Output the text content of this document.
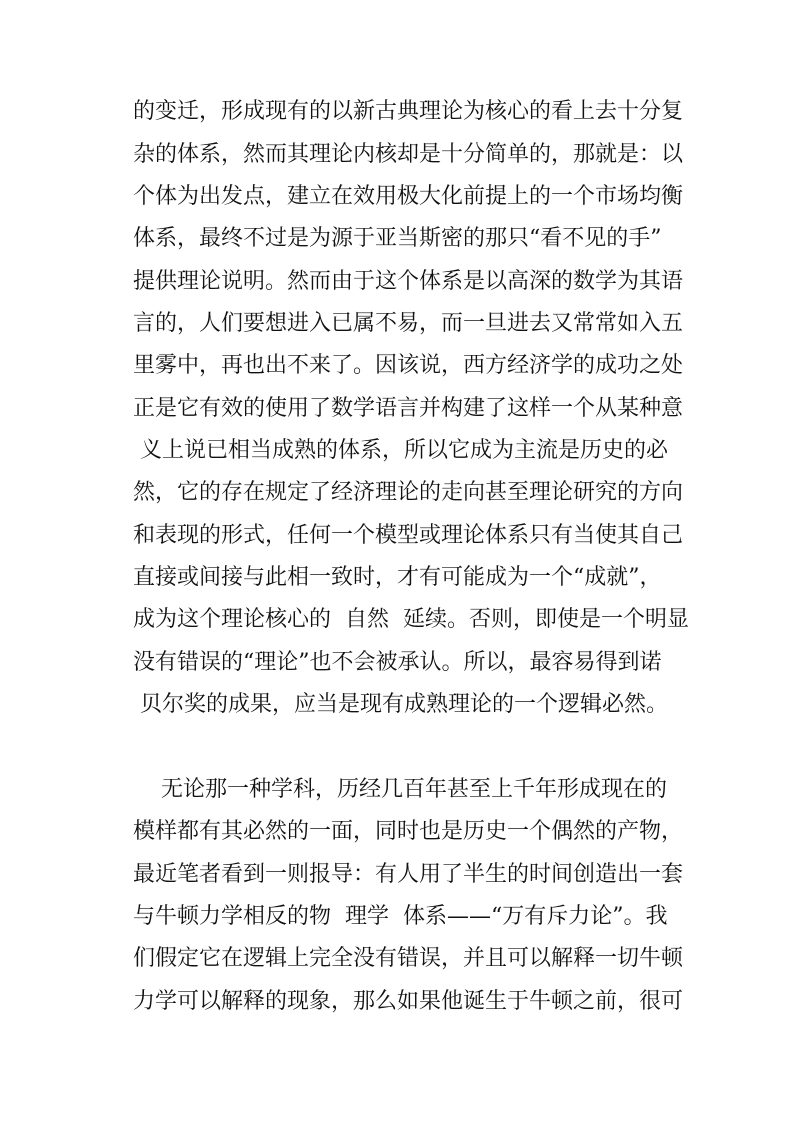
的变迁，形成现有的以新古典理论为核心的看上去十分复
杂的体系，然而其理论内核却是十分简单的，那就是：以
个体为出发点，建立在效用极大化前提上的一个市场均衡
体系，最终不过是为源于亚当斯密的那只“看不见的手”
提供理论说明。然而由于这个体系是以高深的数学为其语
言的，人们要想进入已属不易，而一旦进去又常常如入五
里雾中，再也出不来了。因该说，西方经济学的成功之处
正是它有效的使用了数学语言并构建了这样一个从某种意
义上说已相当成熟的体系，所以它成为主流是历史的必
然，它的存在规定了经济理论的走向甚至理论研究的方向
和表现的形式，任何一个模型或理论体系只有当使其自己
直接或间接与此相一致时，才有可能成为一个“成就”，
成为这个理论核心的  自然  延续。否则，即使是一个明显
没有错误的“理论”也不会被承认。所以，最容易得到诺
贝尔奖的成果，应当是现有成熟理论的一个逻辑必然。
无论那一种学科，历经几百年甚至上千年形成现在的
模样都有其必然的一面，同时也是历史一个偶然的产物，
最近笔者看到一则报导：有人用了半生的时间创造出一套
与牛顿力学相反的物  理学  体系——“万有斥力论”。我
们假定它在逻辑上完全没有错误，并且可以解释一切牛顿
力学可以解释的现象，那么如果他诞生于牛顿之前，很可
